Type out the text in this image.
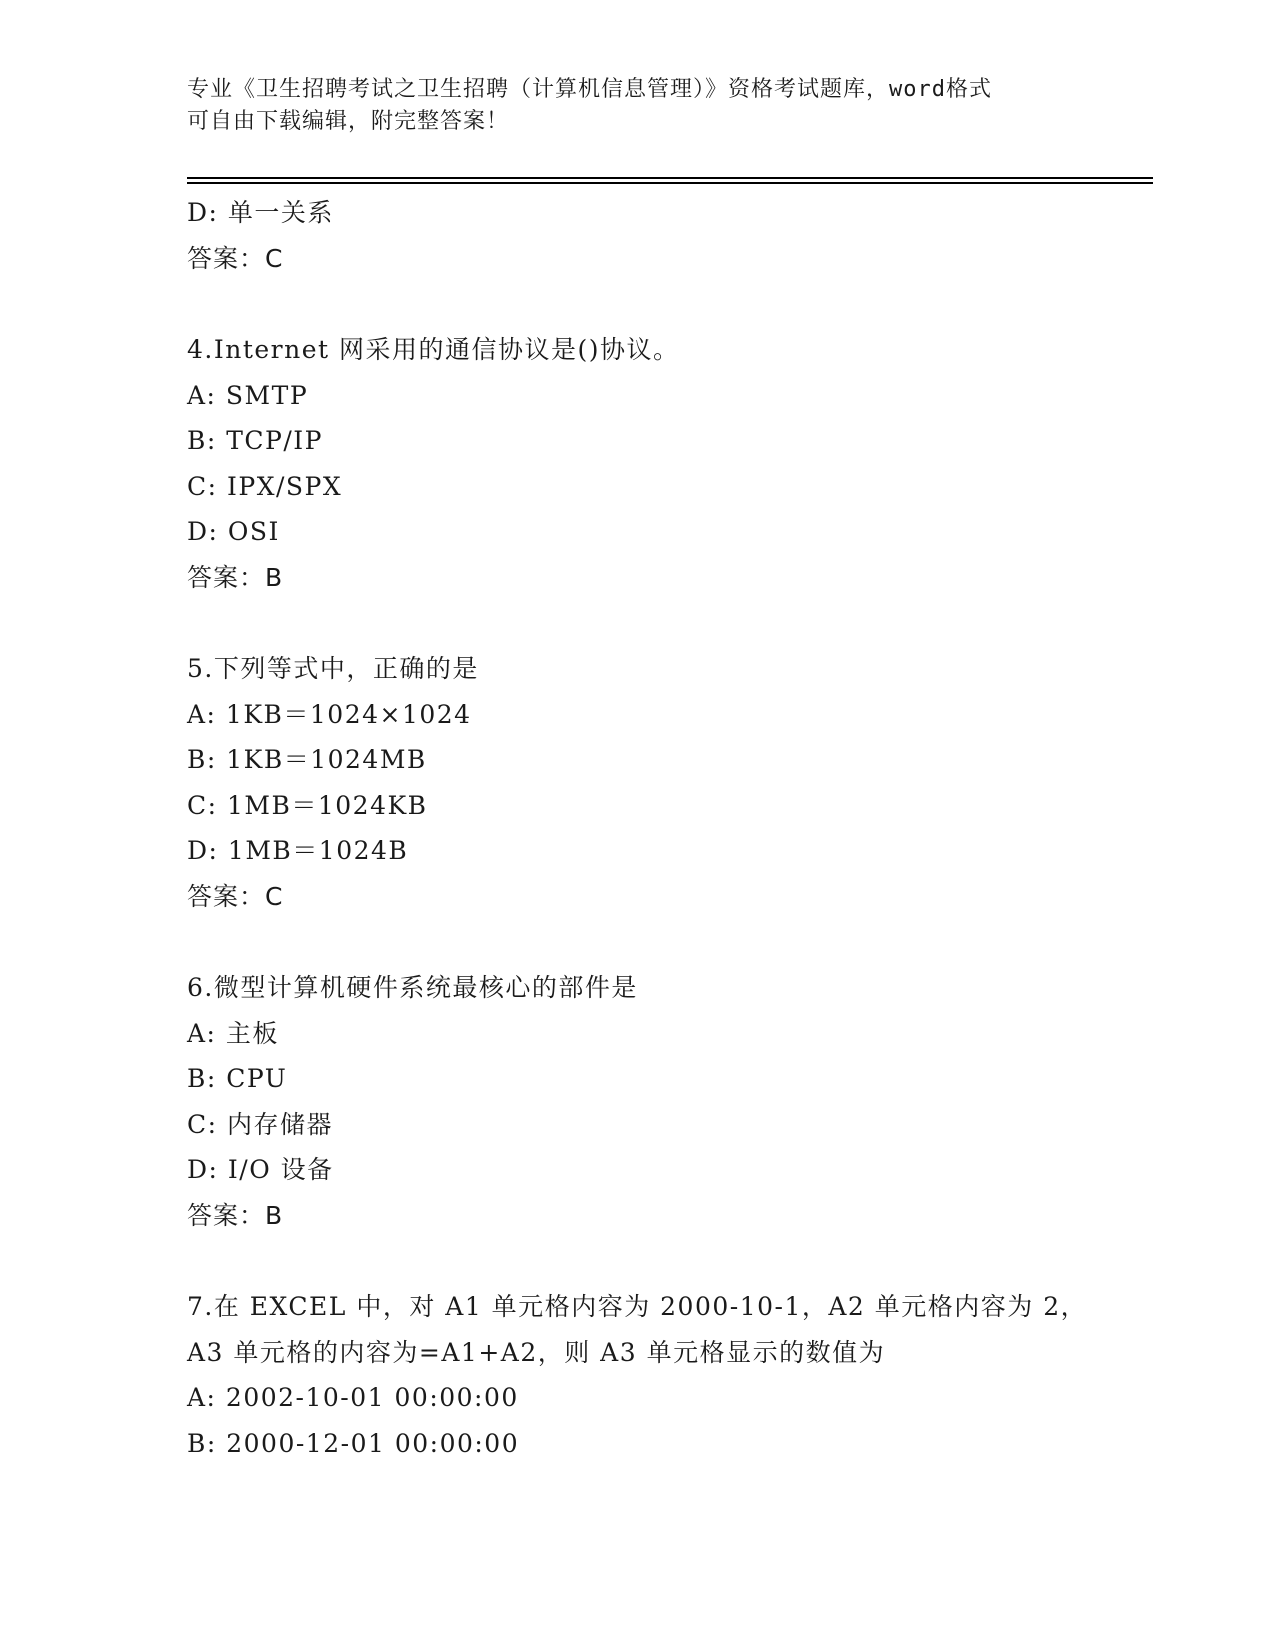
专业《卫生招聘考试之卫生招聘（计算机信息管理）》资格考试题库，word格式
可自由下载编辑，附完整答案！
D: 单一关系
答案：C
4.Internet 网采用的通信协议是()协议。
A: SMTP
B: TCP/IP
C: IPX/SPX
D: OSI
答案：B
5.下列等式中，正确的是
A: 1KB＝1024×1024
B: 1KB＝1024MB
C: 1MB＝1024KB
D: 1MB＝1024B
答案：C
6.微型计算机硬件系统最核心的部件是
A: 主板
B: CPU
C: 内存储器
D: I/O 设备
答案：B
7.在 EXCEL 中，对 A1 单元格内容为 2000-10-1，A2 单元格内容为 2，
A3 单元格的内容为=A1+A2，则 A3 单元格显示的数值为
A: 2002-10-01 00:00:00
B: 2000-12-01 00:00:00
